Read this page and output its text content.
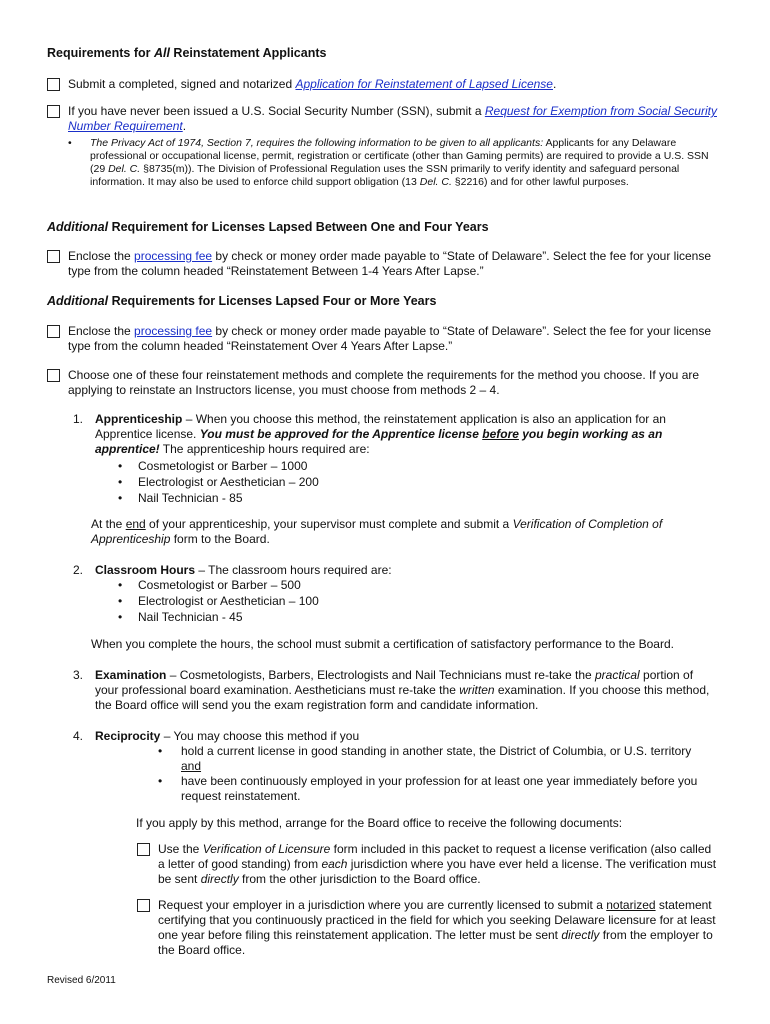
Requirements for All Reinstatement Applicants
Submit a completed, signed and notarized Application for Reinstatement of Lapsed License.
If you have never been issued a U.S. Social Security Number (SSN), submit a Request for Exemption from Social Security Number Requirement.
• The Privacy Act of 1974, Section 7, requires the following information to be given to all applicants: Applicants for any Delaware professional or occupational license, permit, registration or certificate (other than Gaming permits) are required to provide a U.S. SSN (29 Del. C. §8735(m)). The Division of Professional Regulation uses the SSN primarily to verify identity and safeguard personal information. It may also be used to enforce child support obligation (13 Del. C. §2216) and for other lawful purposes.
Additional Requirement for Licenses Lapsed Between One and Four Years
Enclose the processing fee by check or money order made payable to “State of Delaware”. Select the fee for your license type from the column headed “Reinstatement Between 1-4 Years After Lapse.”
Additional Requirements for Licenses Lapsed Four or More Years
Enclose the processing fee by check or money order made payable to “State of Delaware”. Select the fee for your license type from the column headed “Reinstatement Over 4 Years After Lapse.”
Choose one of these four reinstatement methods and complete the requirements for the method you choose. If you are applying to reinstate an Instructors license, you must choose from methods 2 – 4.
1. Apprenticeship – When you choose this method, the reinstatement application is also an application for an Apprentice license. You must be approved for the Apprentice license before you begin working as an apprentice! The apprenticeship hours required are:
• Cosmetologist or Barber – 1000
• Electrologist or Aesthetician – 200
• Nail Technician - 85
At the end of your apprenticeship, your supervisor must complete and submit a Verification of Completion of Apprenticeship form to the Board.
2. Classroom Hours – The classroom hours required are:
• Cosmetologist or Barber – 500
• Electrologist or Aesthetician – 100
• Nail Technician - 45
When you complete the hours, the school must submit a certification of satisfactory performance to the Board.
3. Examination – Cosmetologists, Barbers, Electrologists and Nail Technicians must re-take the practical portion of your professional board examination. Aestheticians must re-take the written examination. If you choose this method, the Board office will send you the exam registration form and candidate information.
4. Reciprocity – You may choose this method if you
• hold a current license in good standing in another state, the District of Columbia, or U.S. territory
and
• have been continuously employed in your profession for at least one year immediately before you request reinstatement.
If you apply by this method, arrange for the Board office to receive the following documents:
Use the Verification of Licensure form included in this packet to request a license verification (also called a letter of good standing) from each jurisdiction where you have ever held a license. The verification must be sent directly from the other jurisdiction to the Board office.
Request your employer in a jurisdiction where you are currently licensed to submit a notarized statement certifying that you continuously practiced in the field for which you seeking Delaware licensure for at least one year before filing this reinstatement application. The letter must be sent directly from the employer to the Board office.
Revised 6/2011
